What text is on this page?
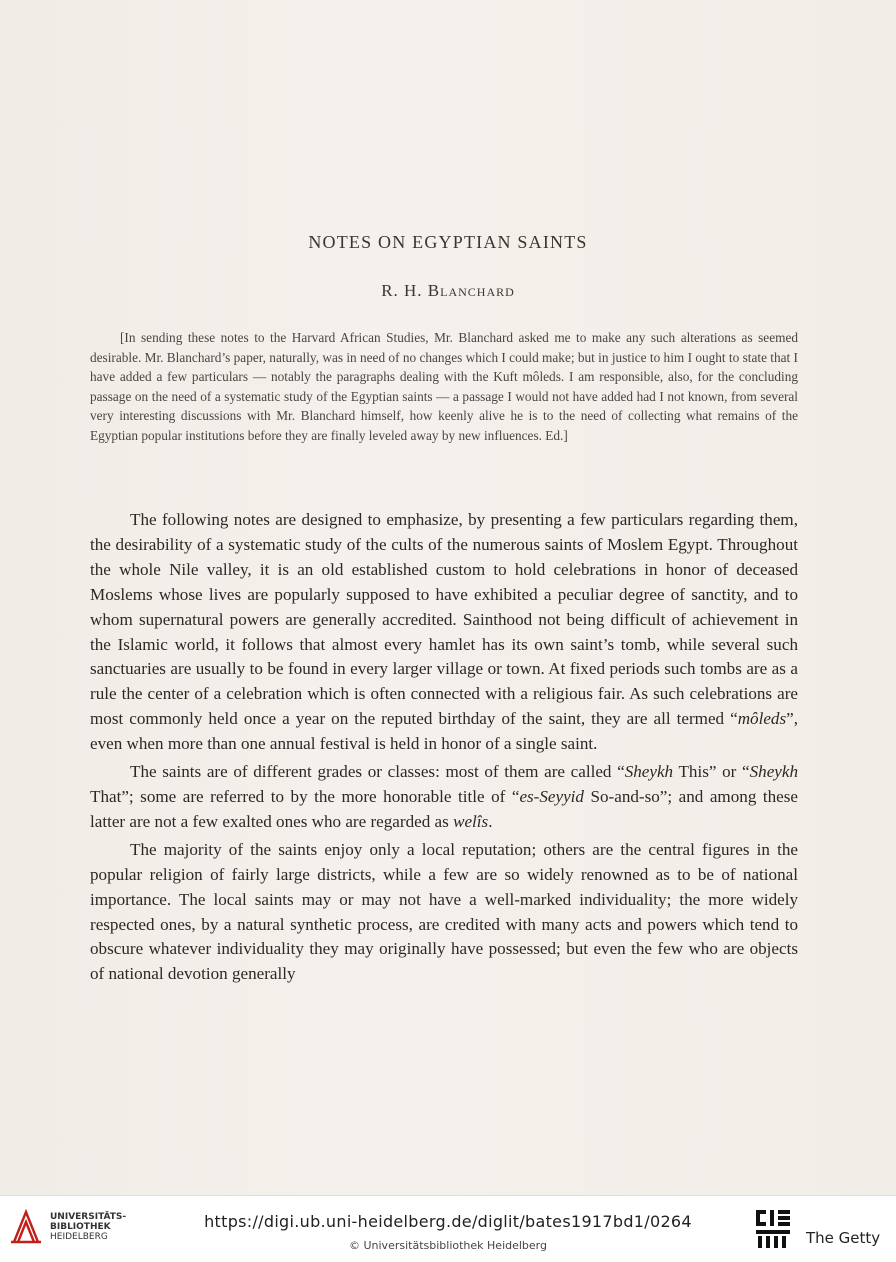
NOTES ON EGYPTIAN SAINTS
R. H. Blanchard

[In sending these notes to the Harvard African Studies, Mr. Blanchard asked me to make any such alterations as seemed desirable. Mr. Blanchard’s paper, naturally, was in need of no changes which I could make; but in justice to him I ought to state that I have added a few particulars — notably the paragraphs dealing with the Kuft môleds. I am responsible, also, for the concluding passage on the need of a systematic study of the Egyptian saints — a passage I would not have added had I not known, from several very interesting discussions with Mr. Blanchard himself, how keenly alive he is to the need of collecting what remains of the Egyptian popular institutions before they are finally leveled away by new influences. Ed.]

The following notes are designed to emphasize, by presenting a few particulars regarding them, the desirability of a systematic study of the cults of the numerous saints of Moslem Egypt. Throughout the whole Nile valley, it is an old established custom to hold celebrations in honor of deceased Moslems whose lives are popularly supposed to have exhibited a peculiar degree of sanctity, and to whom supernatural powers are generally accredited. Sainthood not being difficult of achievement in the Islamic world, it follows that almost every hamlet has its own saint’s tomb, while several such sanctuaries are usually to be found in every larger village or town. At fixed periods such tombs are as a rule the center of a celebration which is often connected with a religious fair. As such celebrations are most commonly held once a year on the reputed birthday of the saint, they are all termed “môleds”, even when more than one annual festival is held in honor of a single saint.

The saints are of different grades or classes: most of them are called “Sheykh This” or “Sheykh That”; some are referred to by the more honorable title of “es-Seyyid So-and-so”; and among these latter are not a few exalted ones who are regarded as welîs.

The majority of the saints enjoy only a local reputation; others are the central figures in the popular religion of fairly large districts, while a few are so widely renowned as to be of national importance. The local saints may or may not have a well-marked individuality; the more widely respected ones, by a natural synthetic process, are credited with many acts and powers which tend to obscure whatever individuality they may originally have possessed; but even the few who are objects of national devotion generally

UNIVERSITÄTS-
BIBLIOTHEK
HEIDELBERG
https://digi.ub.uni-heidelberg.de/diglit/bates1917bd1/0264
© Universitätsbibliothek Heidelberg	The Getty
